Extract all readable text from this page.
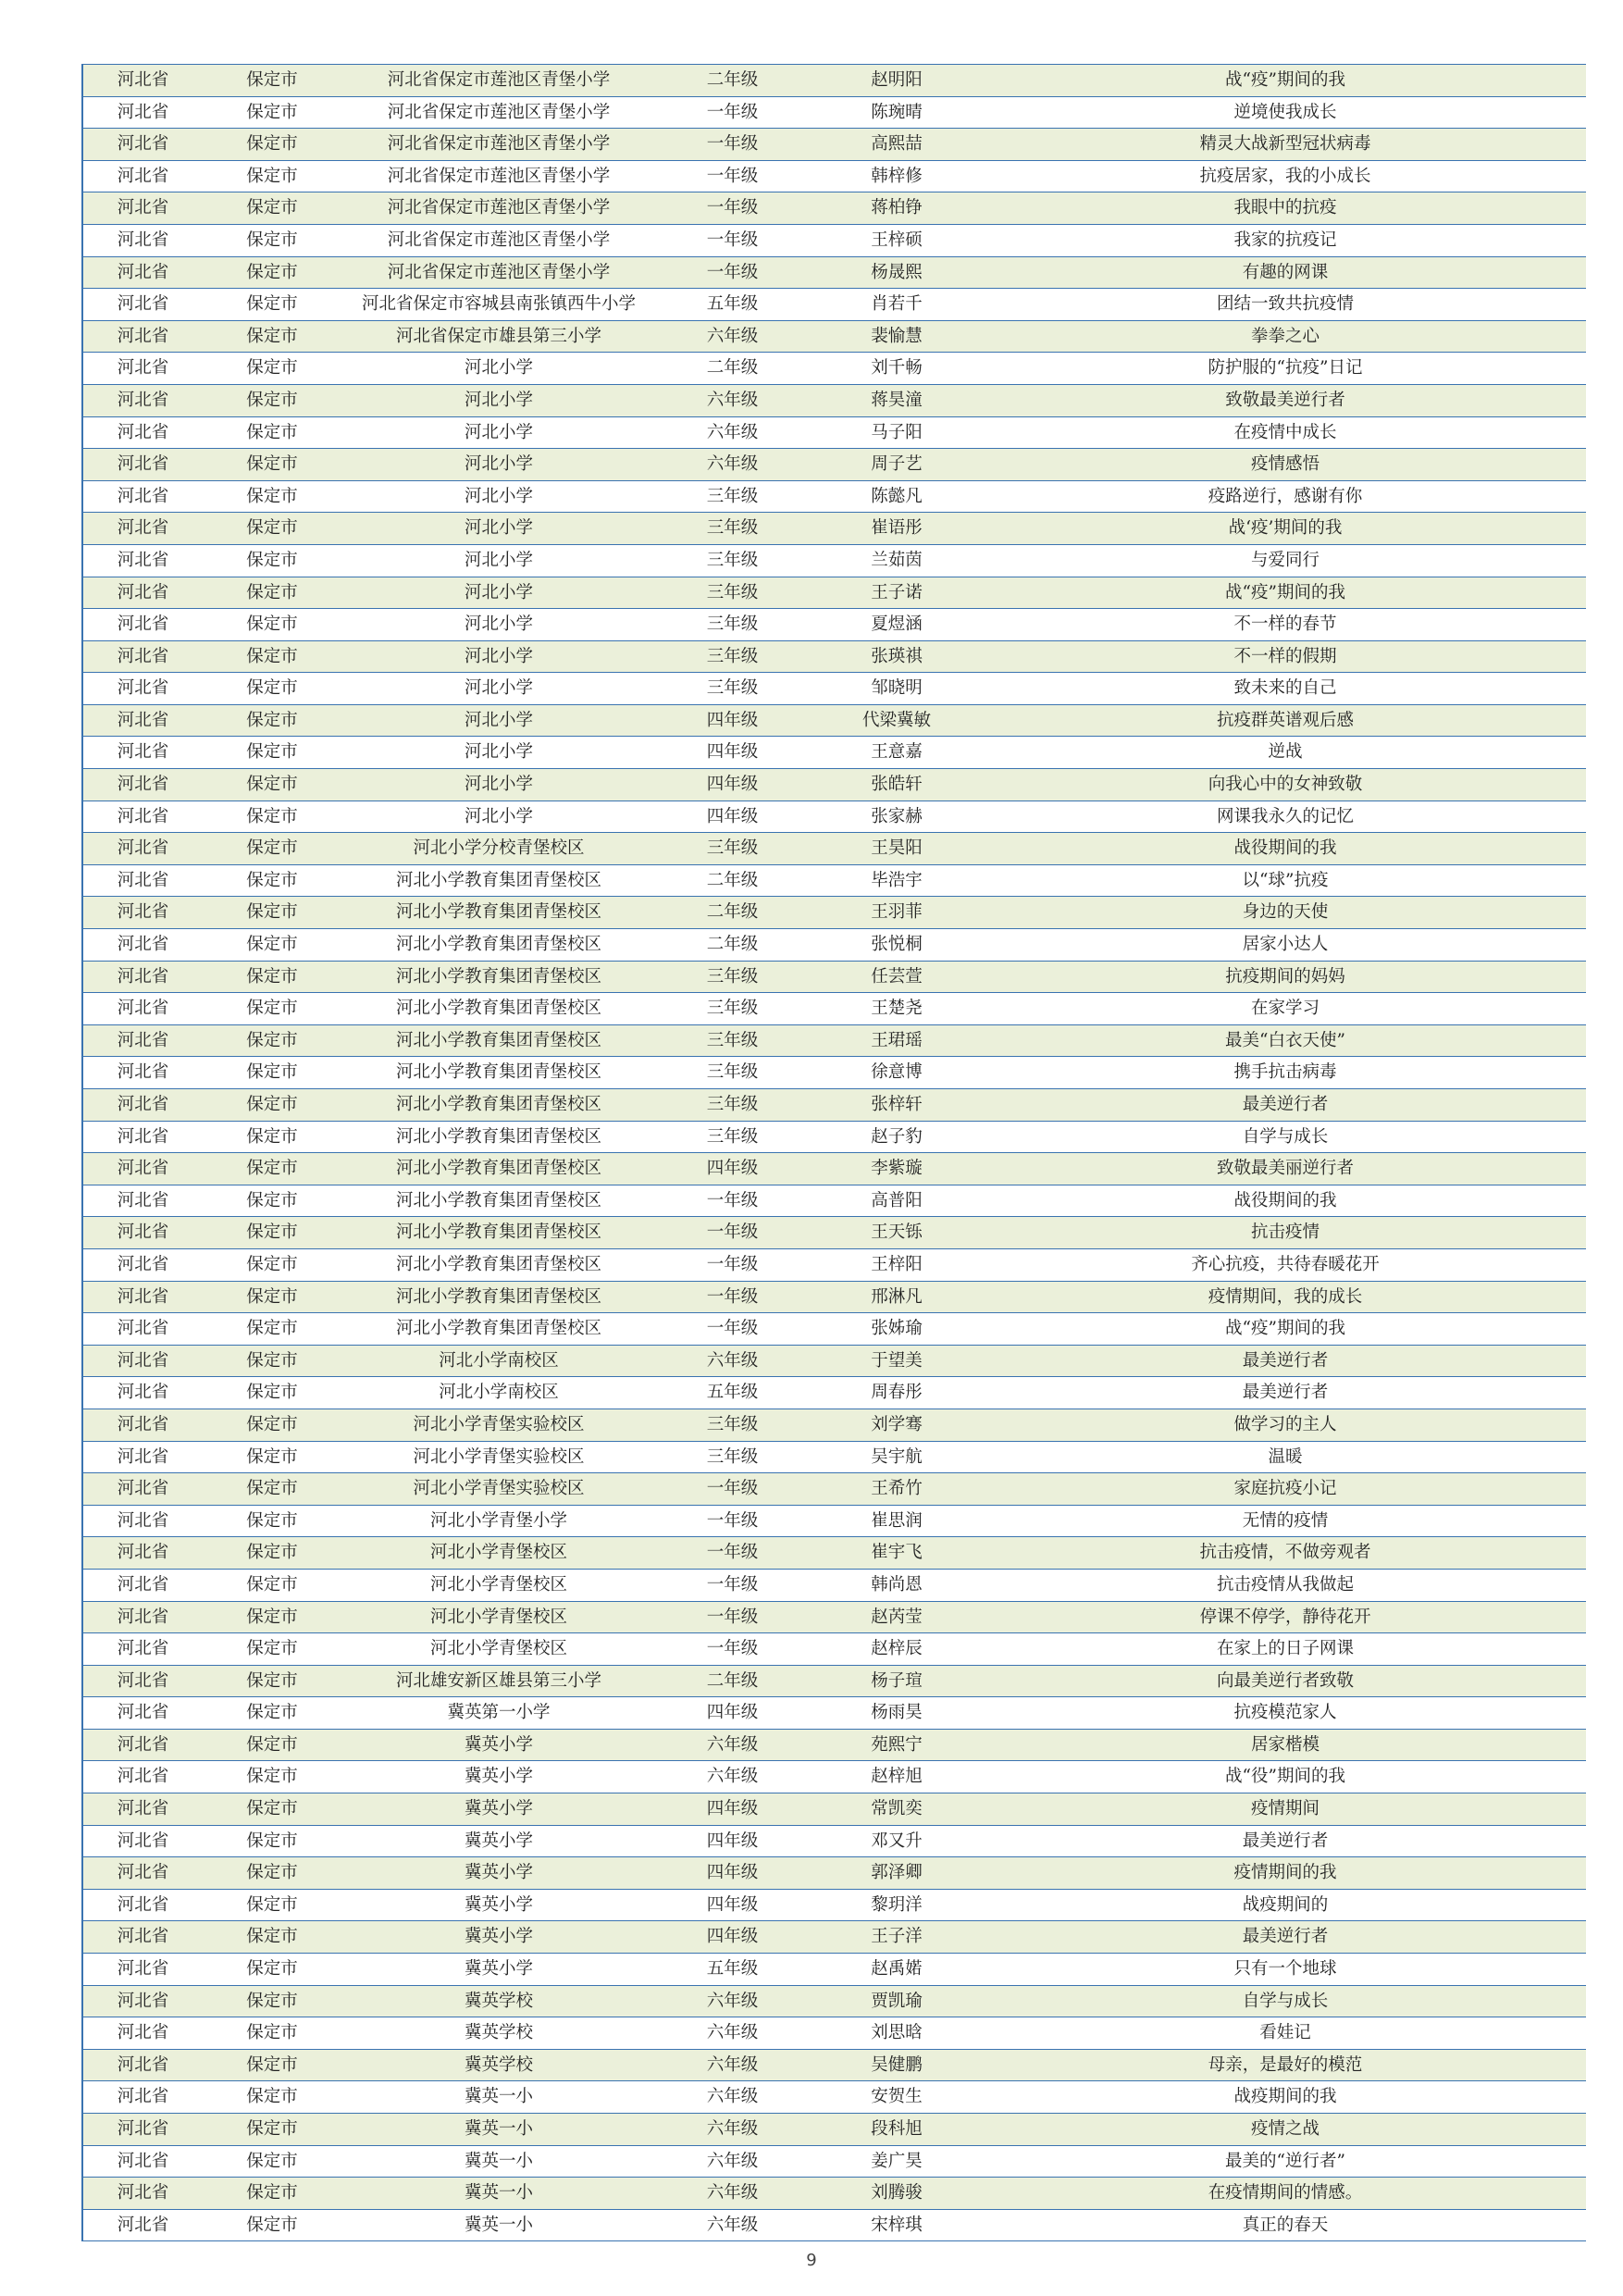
河北省	保定市	河北省保定市莲池区青堡小学	二年级	赵明阳	战“疫”期间的我
河北省	保定市	河北省保定市莲池区青堡小学	一年级	陈琬晴	逆境使我成长
河北省	保定市	河北省保定市莲池区青堡小学	一年级	高熙喆	精灵大战新型冠状病毒
河北省	保定市	河北省保定市莲池区青堡小学	一年级	韩梓修	抗疫居家，我的小成长
河北省	保定市	河北省保定市莲池区青堡小学	一年级	蒋柏铮	我眼中的抗疫
河北省	保定市	河北省保定市莲池区青堡小学	一年级	王梓硕	我家的抗疫记
河北省	保定市	河北省保定市莲池区青堡小学	一年级	杨晟熙	有趣的网课
河北省	保定市	河北省保定市容城县南张镇西牛小学	五年级	肖若千	团结一致共抗疫情
河北省	保定市	河北省保定市雄县第三小学	六年级	裴愉慧	拳拳之心
河北省	保定市	河北小学	二年级	刘千畅	防护服的“抗疫”日记
河北省	保定市	河北小学	六年级	蒋昊潼	致敬最美逆行者
河北省	保定市	河北小学	六年级	马子阳	在疫情中成长
河北省	保定市	河北小学	六年级	周子艺	疫情感悟
河北省	保定市	河北小学	三年级	陈懿凡	疫路逆行，感谢有你
河北省	保定市	河北小学	三年级	崔语彤	战‘疫’期间的我
河北省	保定市	河北小学	三年级	兰茹茵	与爱同行
河北省	保定市	河北小学	三年级	王子诺	战“疫”期间的我
河北省	保定市	河北小学	三年级	夏煜涵	不一样的春节
河北省	保定市	河北小学	三年级	张瑛祺	不一样的假期
河北省	保定市	河北小学	三年级	邹晓明	致未来的自己
河北省	保定市	河北小学	四年级	代梁冀敏	抗疫群英谱观后感
河北省	保定市	河北小学	四年级	王意嘉	逆战
河北省	保定市	河北小学	四年级	张皓轩	向我心中的女神致敬
河北省	保定市	河北小学	四年级	张家赫	网课我永久的记忆
河北省	保定市	河北小学分校青堡校区	三年级	王昊阳	战役期间的我
河北省	保定市	河北小学教育集团青堡校区	二年级	毕浩宇	以“球”抗疫
河北省	保定市	河北小学教育集团青堡校区	二年级	王羽菲	身边的天使
河北省	保定市	河北小学教育集团青堡校区	二年级	张悦桐	居家小达人
河北省	保定市	河北小学教育集团青堡校区	三年级	任芸萱	抗疫期间的妈妈
河北省	保定市	河北小学教育集团青堡校区	三年级	王楚尧	在家学习
河北省	保定市	河北小学教育集团青堡校区	三年级	王珺瑶	最美“白衣天使”
河北省	保定市	河北小学教育集团青堡校区	三年级	徐意博	携手抗击病毒
河北省	保定市	河北小学教育集团青堡校区	三年级	张梓轩	最美逆行者
河北省	保定市	河北小学教育集团青堡校区	三年级	赵子豹	自学与成长
河北省	保定市	河北小学教育集团青堡校区	四年级	李紫璇	致敬最美丽逆行者
河北省	保定市	河北小学教育集团青堡校区	一年级	高普阳	战役期间的我
河北省	保定市	河北小学教育集团青堡校区	一年级	王天铄	抗击疫情
河北省	保定市	河北小学教育集团青堡校区	一年级	王梓阳	齐心抗疫，共待春暖花开
河北省	保定市	河北小学教育集团青堡校区	一年级	邢淋凡	疫情期间，我的成长
河北省	保定市	河北小学教育集团青堡校区	一年级	张姊瑜	战“疫”期间的我
河北省	保定市	河北小学南校区	六年级	于望美	最美逆行者
河北省	保定市	河北小学南校区	五年级	周春彤	最美逆行者
河北省	保定市	河北小学青堡实验校区	三年级	刘学骞	做学习的主人
河北省	保定市	河北小学青堡实验校区	三年级	吴宇航	温暖
河北省	保定市	河北小学青堡实验校区	一年级	王希竹	家庭抗疫小记
河北省	保定市	河北小学青堡小学	一年级	崔思润	无情的疫情
河北省	保定市	河北小学青堡校区	一年级	崔宇飞	抗击疫情，不做旁观者
河北省	保定市	河北小学青堡校区	一年级	韩尚恩	抗击疫情从我做起
河北省	保定市	河北小学青堡校区	一年级	赵芮莹	停课不停学，静待花开
河北省	保定市	河北小学青堡校区	一年级	赵梓辰	在家上的日子网课
河北省	保定市	河北雄安新区雄县第三小学	二年级	杨子瑄	向最美逆行者致敬
河北省	保定市	冀英第一小学	四年级	杨雨昊	抗疫模范家人
河北省	保定市	冀英小学	六年级	苑熙宁	居家楷模
河北省	保定市	冀英小学	六年级	赵梓旭	战“役”期间的我
河北省	保定市	冀英小学	四年级	常凯奕	疫情期间
河北省	保定市	冀英小学	四年级	邓又升	最美逆行者
河北省	保定市	冀英小学	四年级	郭泽卿	疫情期间的我
河北省	保定市	冀英小学	四年级	黎玥洋	战疫期间的
河北省	保定市	冀英小学	四年级	王子洋	最美逆行者
河北省	保定市	冀英小学	五年级	赵禹婼	只有一个地球
河北省	保定市	冀英学校	六年级	贾凯瑜	自学与成长
河北省	保定市	冀英学校	六年级	刘思晗	看娃记
河北省	保定市	冀英学校	六年级	吴健鹏	母亲，是最好的模范
河北省	保定市	冀英一小	六年级	安贺生	战疫期间的我
河北省	保定市	冀英一小	六年级	段科旭	疫情之战
河北省	保定市	冀英一小	六年级	姜广昊	最美的“逆行者”
河北省	保定市	冀英一小	六年级	刘腾骏	在疫情期间的情感。
河北省	保定市	冀英一小	六年级	宋梓琪	真正的春天
9
